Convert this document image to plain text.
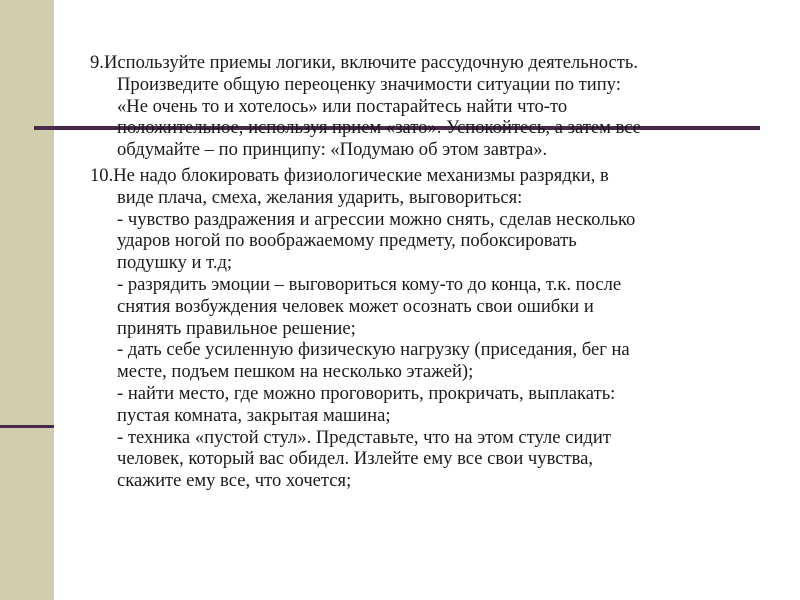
9.Используйте приемы логики, включите рассудочную деятельность.
Произведите общую переоценку значимости ситуации по типу:
«Не очень то и хотелось» или постарайтесь найти что-то
положительное, используя прием «зато». Успокойтесь, а затем все
обдумайте – по принципу: «Подумаю об этом завтра».
10.Не надо блокировать физиологические механизмы разрядки, в
виде плача, смеха, желания ударить, выговориться:
- чувство раздражения и агрессии можно снять, сделав несколько
ударов ногой по воображаемому предмету, побоксировать
подушку и т.д;
- разрядить эмоции – выговориться кому-то до конца, т.к. после
снятия возбуждения человек может осознать свои ошибки и
принять правильное решение;
- дать себе усиленную физическую нагрузку (приседания, бег на
месте, подъем пешком на несколько этажей);
- найти место, где можно проговорить, прокричать, выплакать:
пустая комната, закрытая машина;
- техника «пустой стул». Представьте, что на этом стуле сидит
человек, который вас обидел. Излейте ему все свои чувства,
скажите ему все, что хочется;
